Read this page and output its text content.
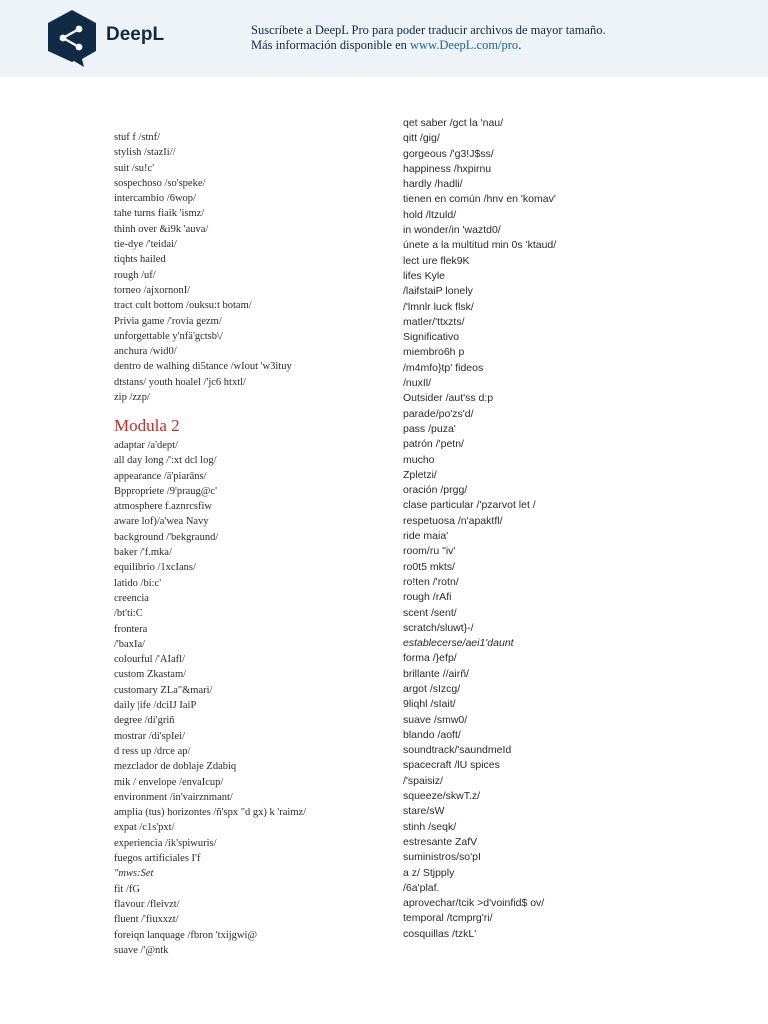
DeepL	Suscríbete a DeepL Pro para poder traducir archivos de mayor tamaño.
Más información disponible en www.DeepL.com/pro.
stuf f /stnf/
stylish /stazIi//
suit /su!c'
sospechoso /so'speke/
intercambio /6wop/
tahe turns fiaik 'ismz/
thinh over &i9k 'auva/
tie-dye /'teidai/
tiqhts hailed
rough /uf/
torneo /ajxornonI/
tract cult bottom /ouksu:t botam/
Privia game /'rovia gezm/
unforgettable y'nfä'gctsb\/
anchura /wid0/
dentro de walhing di5tance /wIout 'w3ituy
dtstans/ youth hoalel /'jc6 htxtl/
zip /zzp/
Modula 2
adaptar /a'dept/
all day long /':xt dcl log/
appearance /ä'piarāns/
Bppropriete /9'praug@c'
atmosphere f.aznrcsfiw
aware lof)/a'wea Navy
background /'bekgraund/
baker /'f.mka/
equilibrio /1xcIans/
latido /bi:c'
creencia
/bt'ti:C
frontera
/'baxIa/
colourful /'AIafl/
custom Zkastam/
customary ZLa"&mari/
daily |ife /dciIJ IaiP
degree /di'griñ
mostrar /di'spIei/
d ress up /drce ap/
mezclador de doblaje Zdabiq
mik / envelope /envaIcup/
environment /in'vairznmant/
amplia (tus) horizontes /ñ'spx "d gx) k 'raimz/
expat /c1s'pxt/
experiencia /ik'spiwuris/
fuegos artificiales I'f
"mws:Set
fit /fG
flavour /fleivzt/
fluent /'fiuxxzt/
foreiqn lanquage /fbron 'txijgwi@
suave /'@ntk
qet saber /gct la 'nau/
qitt /gig/
gorgeous /'g3!J$ss/
happiness /hxpirnu
hardly /hadli/
tienen en común /hnv en 'komav'
hold /ltzuld/
in wonder/in 'waztd0/
únete a la multitud min 0s 'ktaud/
lect ure flek9K
lifes Kyle
/laifstaiP lonely
/'lmnlr luck flsk/
matler/'ttxzts/
Significativo
miembro6h p
/m4mfo}tp' fideos
/nuxIl/
Outsider /aut'ss d:p
parade/po'zs'd/
pass /puza'
patrón /'petn/
mucho
Zpletzi/
oración /prgg/
clase particular /'pzarvot let /
respetuosa /n'apaktfl/
ride maia'
room/ru "iv'
ro0t5 mkts/
ro!ten /'rotn/
rough /rAfi
scent /sent/
scratch/sluwt}-/
establecerse/aei1'daunt
forma /}efp/
brillante //airñ/
argot /sIzcg/
9liqhl /sIait/
suave /smw0/
blando /aoft/
soundtrack/'saundmeId
spacecraft /lU spices
/'spaisiz/
squeeze/skwT.z/
stare/sW
stinh /seqk/
estresante ZafV
suministros/so'pI
a z/ Stjpply
/6a'plaf.
aprovechar/tcik >d'voinfid$ ov/
temporal /tcmprg'ri/
cosquillas /tzkL'
